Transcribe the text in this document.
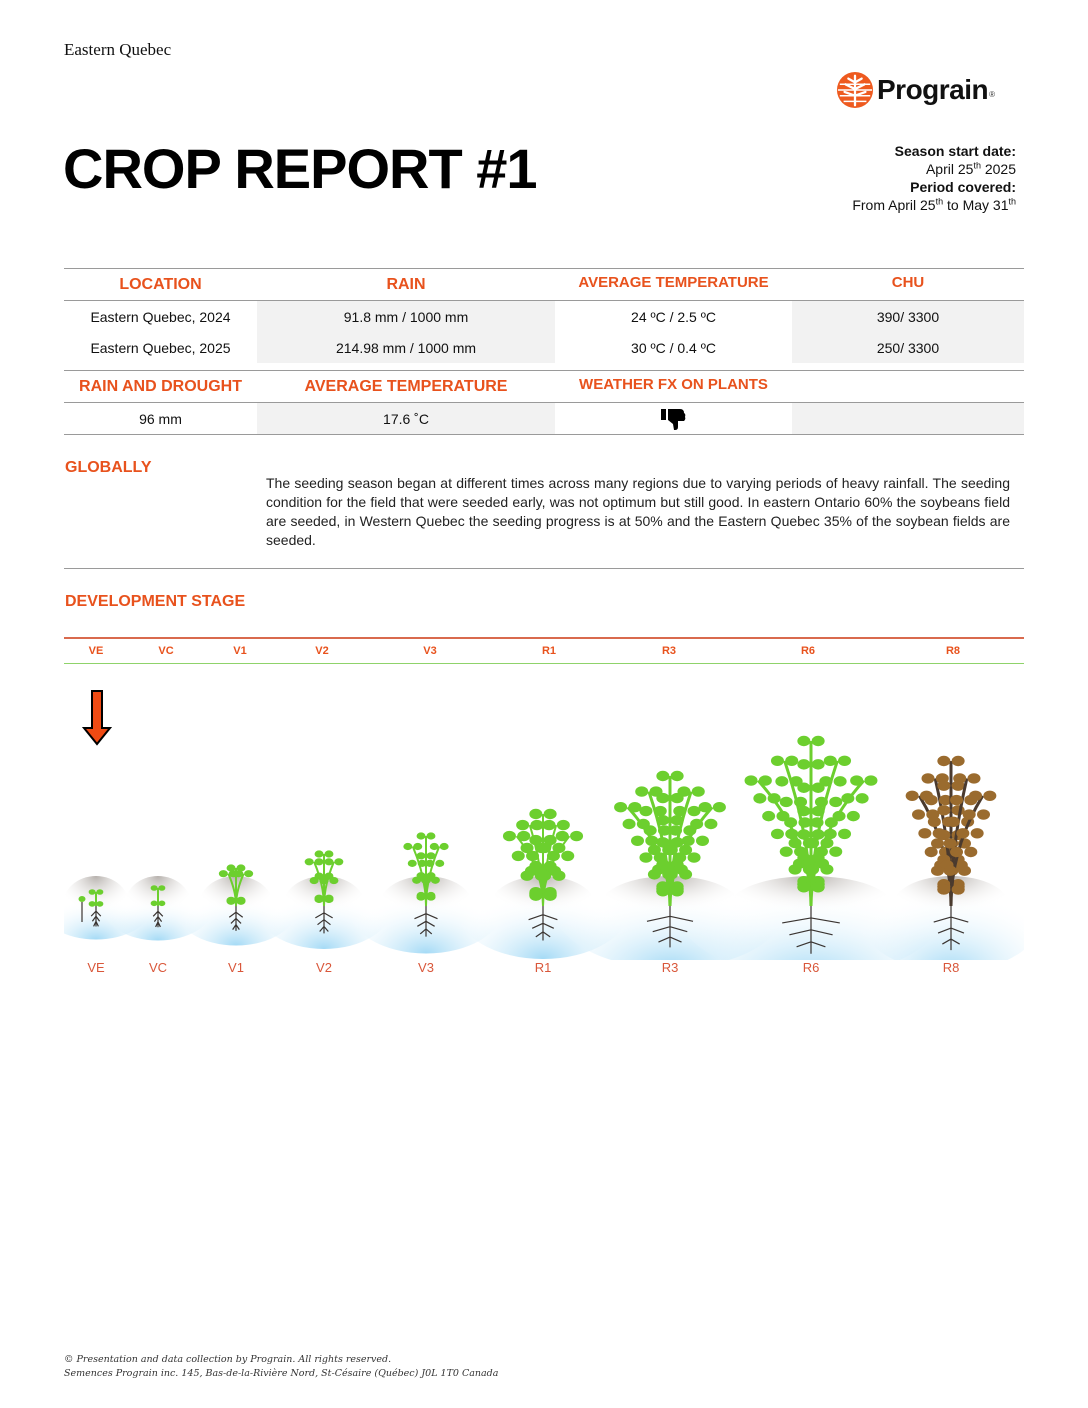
Eastern Quebec
Prograin ®
CROP REPORT #1	Season start date:
April 25th 2025
Period covered:
From April 25th to May 31th
LOCATION	RAIN	AVERAGE TEMPERATURE	CHU
Eastern Quebec, 2024	91.8 mm / 1000 mm	24 ºC / 2.5 ºC	390/ 3300
Eastern Quebec, 2025	214.98 mm / 1000 mm	30 ºC / 0.4 ºC	250/ 3300
RAIN AND DROUGHT	AVERAGE TEMPERATURE	WEATHER FX ON PLANTS	
96 mm	17.6 ˚C		
GLOBALLY

The seeding season began at different times across many regions due to varying periods of heavy rainfall. The seeding condition for the field that were seeded early, was not optimum but still good. In eastern Ontario 60% the soybeans field are seeded, in Western Quebec the seeding progress is at 50% and the Eastern Quebec 35% of the soybean fields are seeded.

DEVELOPMENT STAGE
VE	VC	V1	V2	V3	R1	R3	R6	R8
VE	VC	V1	V2	V3	R1	R3	R6	R8
© Presentation and data collection by Prograin. All rights reserved.
Semences Prograin inc. 145, Bas-de-la-Rivière Nord, St-Césaire (Québec) J0L 1T0 Canada
